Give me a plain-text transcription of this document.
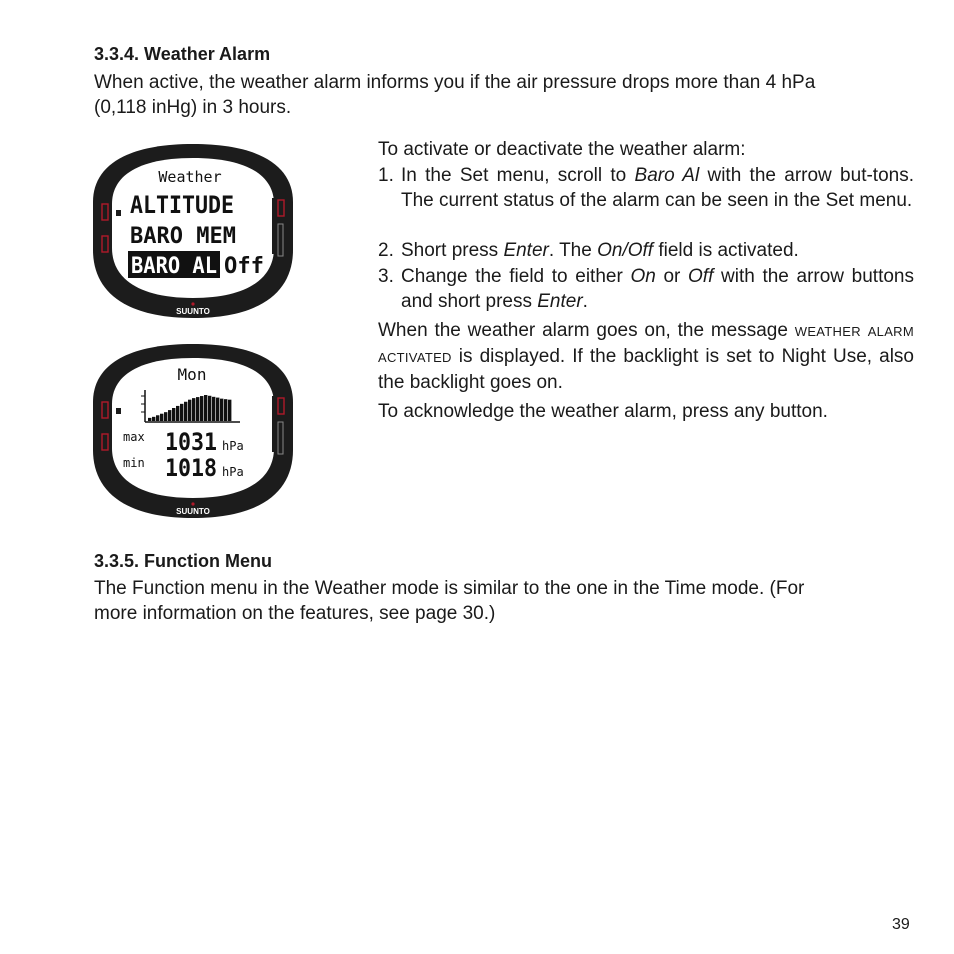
3.3.4. Weather Alarm
When active, the weather alarm informs you if the air pressure drops more than 4 hPa
(0,118 inHg) in 3 hours.
To activate or deactivate the weather alarm:
1. In the Set menu, scroll to Baro Al with the arrow but-tons. The current status of the alarm can be seen in the Set menu.
2. Short press Enter. The On/Off field is activated.
3. Change the field to either On or Off with the arrow buttons and short press Enter.
When the weather alarm goes on, the message WEATHER ALARM ACTIVATED is displayed. If the backlight is set to Night Use, also the backlight goes on.
To acknowledge the weather alarm, press any button.
SUUNTO
Weather
ALTITUDE
BARO MEM
BARO AL Off
SUUNTO
Mon
max 1031 hPa
min 1018 hPa
3.3.5. Function Menu
The Function menu in the Weather mode is similar to the one in the Time mode. (For
more information on the features, see page 30.)
39
